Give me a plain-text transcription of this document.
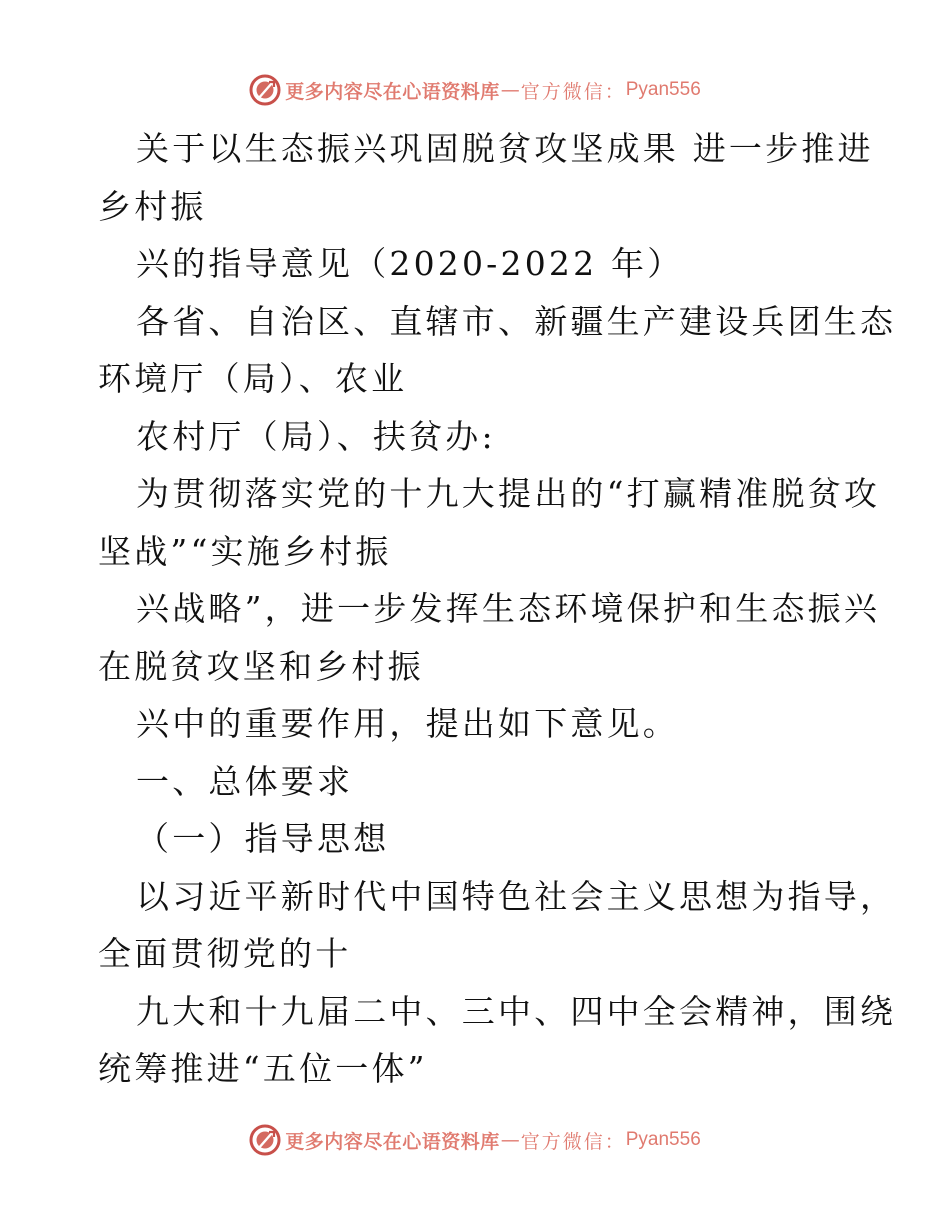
更多内容尽在心语资料库 — 官方微信： Pyan556
关于以生态振兴巩固脱贫攻坚成果 进一步推进
乡村振
兴的指导意见（2020-2022 年）
各省、自治区、直辖市、新疆生产建设兵团生态
环境厅（局）、农业
农村厅（局）、扶贫办:
为贯彻落实党的十九大提出的“打赢精准脱贫攻
坚战”“实施乡村振
兴战略”，进一步发挥生态环境保护和生态振兴
在脱贫攻坚和乡村振
兴中的重要作用，提出如下意见。
一、总体要求
（一）指导思想
以习近平新时代中国特色社会主义思想为指导，
全面贯彻党的十
九大和十九届二中、三中、四中全会精神，围绕
统筹推进“五位一体”
更多内容尽在心语资料库 — 官方微信： Pyan556
